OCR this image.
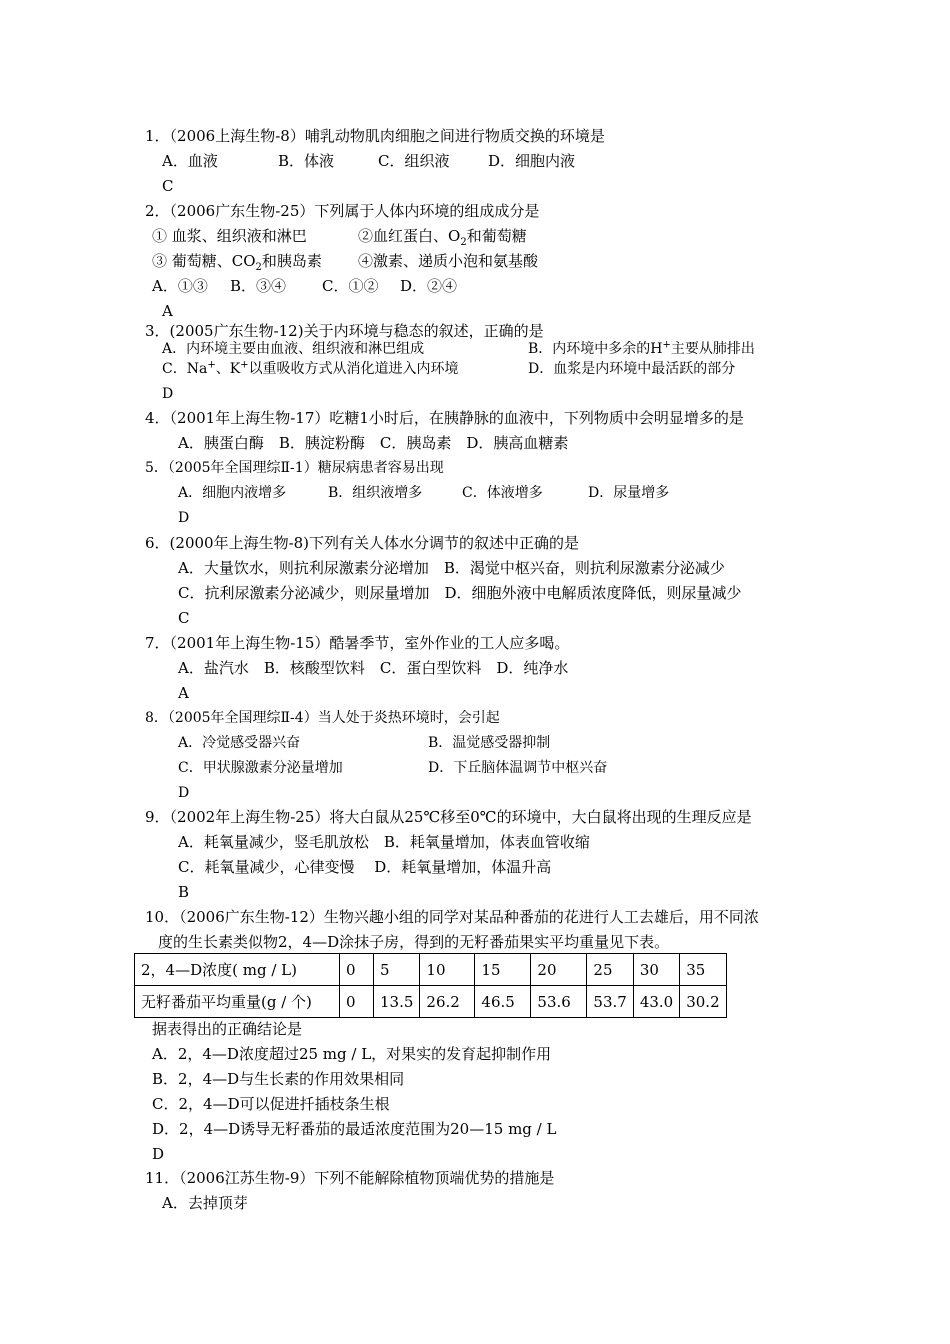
1．（2006上海生物-8）哺乳动物肌肉细胞之间进行物质交换的环境是
A．血液	B．体液	C．组织液	D．细胞内液
C
2．（2006广东生物-25）下列属于人体内环境的组成成分是
① 血浆、组织液和淋巴	②血红蛋白、$O_2$和葡萄糖
③ 葡萄糖、$CO_2$和胰岛素 ④激素、递质小泡和氨基酸
A．①③ B．③④ C．①② D．②④
A
3．(2005广东生物-12)关于内环境与稳态的叙述，正确的是
A．内环境主要由血液、组织液和淋巴组成	B．内环境中多余的H+主要从肺排出
C．Na+、K+以重吸收方式从消化道进入内环境	D．血浆是内环境中最活跃的部分
D
4．（2001年上海生物-17）吃糖1小时后，在胰静脉的血液中，下列物质中会明显增多的是
A．胰蛋白酶　B．胰淀粉酶　C．胰岛素　D．胰高血糖素
5．（2005年全国理综Ⅱ-1）糖尿病患者容易出现
A．细胞内液增多	B．组织液增多	C．体液增多	D．尿量增多
D
6．(2000年上海生物-8)下列有关人体水分调节的叙述中正确的是
A．大量饮水，则抗利尿激素分泌增加　B．渴觉中枢兴奋，则抗利尿激素分泌减少
C．抗利尿激素分泌减少，则尿量增加　D．细胞外液中电解质浓度降低，则尿量减少
C
7．（2001年上海生物-15）酷暑季节，室外作业的工人应多喝。
A．盐汽水　B．核酸型饮料　C．蛋白型饮料　D．纯净水
A
8．（2005年全国理综Ⅱ-4）当人处于炎热环境时，会引起
A．冷觉感受器兴奋	B．温觉感受器抑制
C．甲状腺激素分泌量增加	D．下丘脑体温调节中枢兴奋
D
9．（2002年上海生物-25）将大白鼠从25℃移至0℃的环境中，大白鼠将出现的生理反应是
A．耗氧量减少，竖毛肌放松　B．耗氧量增加，体表血管收缩
C．耗氧量减少，心律变慢　 D．耗氧量增加，体温升高
B
10．（2006广东生物-12）生物兴趣小组的同学对某品种番茄的花进行人工去雄后，用不同浓
度的生长素类似物2，4—D涂抹子房，得到的无籽番茄果实平均重量见下表。
2，4—D浓度( mg / L)	0	5	10	15	20	25	30	35
无籽番茄平均重量(g / 个)	0	13.5	26.2	46.5	53.6	53.7	43.0	30.2
据表得出的正确结论是
A．2，4—D浓度超过25 mg / L，对果实的发育起抑制作用
B．2，4—D与生长素的作用效果相同
C．2，4—D可以促进扦插枝条生根
D．2，4—D诱导无籽番茄的最适浓度范围为20—15 mg / L
D
11．（2006江苏生物-9）下列不能解除植物顶端优势的措施是
A．去掉顶芽
